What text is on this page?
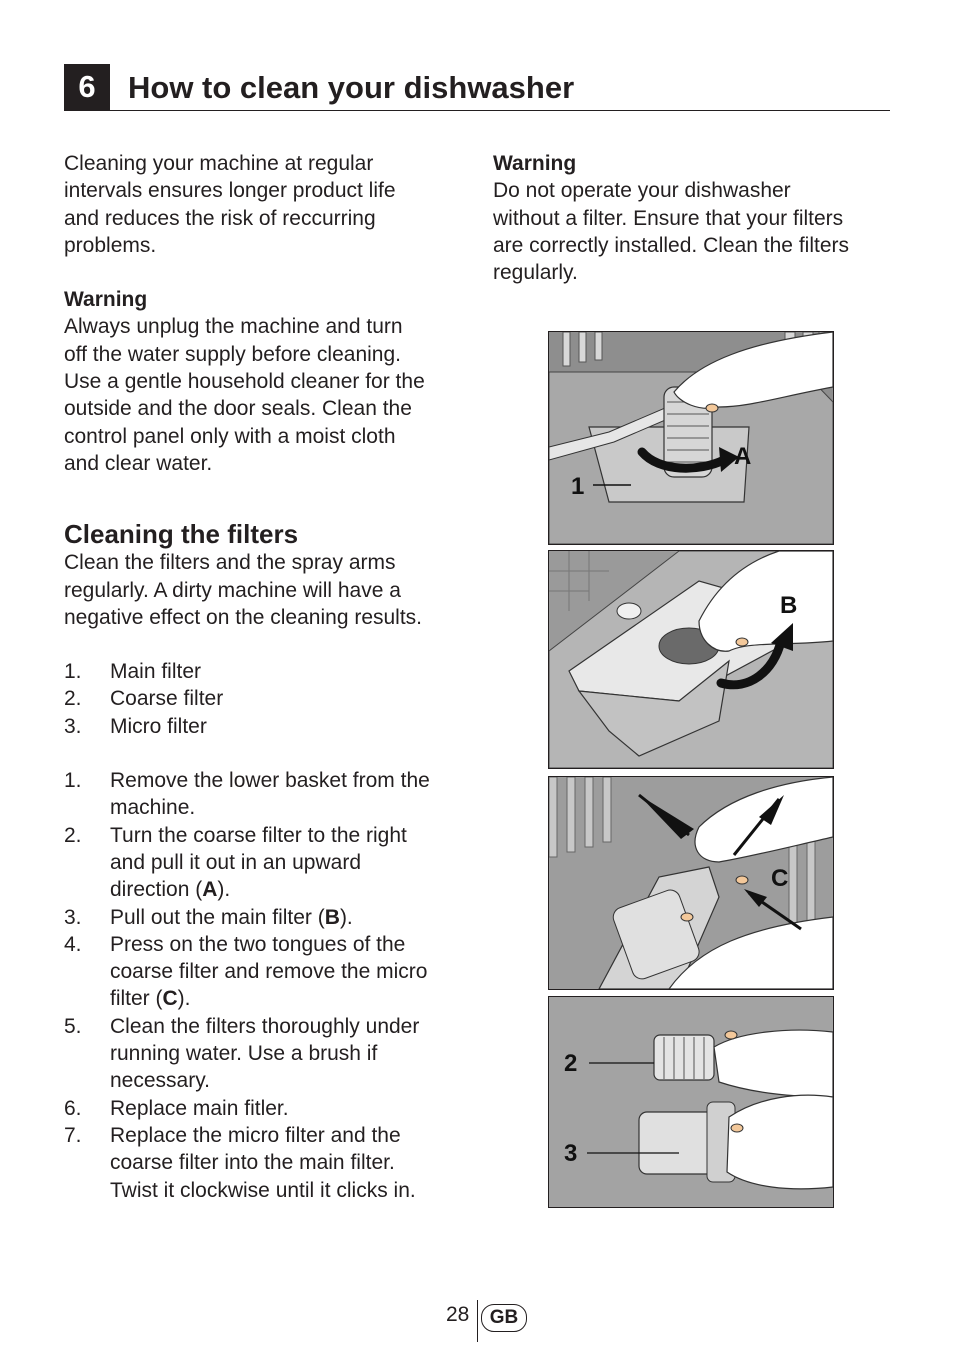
6	How to clean your dishwasher

Cleaning your machine at regular

intervals ensures longer product life

and reduces the risk of reccurring

problems.

Warning

Always unplug the machine and turn

off the water supply before cleaning.

Use a gentle household cleaner for the

outside and the door seals. Clean the

control panel only with a moist cloth

and clear water.

Cleaning the filters

Clean the filters and the spray arms

regularly. A dirty machine will have a

negative effect on the cleaning results.

1. Main filter
2. Coarse filter
3. Micro filter
1. Remove the lower basket from the
machine.
2. Turn the coarse filter to the right
and pull it out in an upward
direction (A).
3. Pull out the main filter (B).
4. Press on the two tongues of the
coarse filter and remove the micro
filter (C).
5. Clean the filters thoroughly under
running water. Use a brush if
necessary.
6. Replace main fitler.
7. Replace the micro filter and the
coarse filter into the main filter.
Twist it clockwise until it clicks in.

Warning

Do not operate your dishwasher

without a filter. Ensure that your filters

are correctly installed. Clean the filters

regularly.

A
1
B
C
2
3
28	GB
